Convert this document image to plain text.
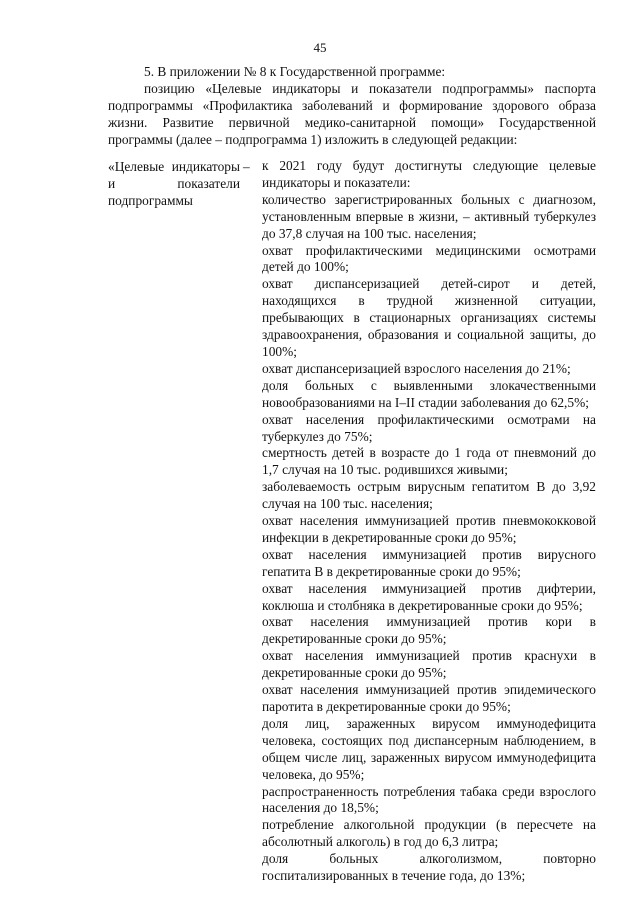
45

5. В приложении № 8 к Государственной программе:

позицию «Целевые индикаторы и показатели подпрограммы» паспорта подпрограммы «Профилактика заболеваний и формирование здорового образа жизни. Развитие первичной медико-санитарной помощи» Государственной программы (далее – подпрограмма 1) изложить в следующей редакции:

«Целевые индикаторы и показатели подпрограммы
– к 2021 году будут достигнуты следующие целевые индикаторы и показатели:

количество зарегистрированных больных с диагнозом, установленным впервые в жизни, – активный туберкулез до 37,8 случая на 100 тыс. населения;

охват профилактическими медицинскими осмотрами детей до 100%;

охват диспансеризацией детей-сирот и детей, находящихся в трудной жизненной ситуации, пребывающих в стационарных организациях системы здравоохранения, образования и социальной защиты, до 100%;

охват диспансеризацией взрослого населения до 21%;

доля больных с выявленными злокачественными новообразованиями на I–II стадии заболевания до 62,5%;

охват населения профилактическими осмотрами на туберкулез до 75%;

смертность детей в возрасте до 1 года от пневмоний до 1,7 случая на 10 тыс. родившихся живыми;

заболеваемость острым вирусным гепатитом В до 3,92 случая на 100 тыс. населения;

охват населения иммунизацией против пневмококковой инфекции в декретированные сроки до 95%;

охват населения иммунизацией против вирусного гепатита В в декретированные сроки до 95%;

охват населения иммунизацией против дифтерии, коклюша и столбняка в декретированные сроки до 95%;

охват населения иммунизацией против кори в декретированные сроки до 95%;

охват населения иммунизацией против краснухи в декретированные сроки до 95%;

охват населения иммунизацией против эпидемического паротита в декретированные сроки до 95%;

доля лиц, зараженных вирусом иммунодефицита человека, состоящих под диспансерным наблюдением, в общем числе лиц, зараженных вирусом иммунодефицита человека, до 95%;

распространенность потребления табака среди взрослого населения до 18,5%;

потребление алкогольной продукции (в пересчете на абсолютный алкоголь) в год до 6,3 литра;

доля больных алкоголизмом, повторно госпитализированных в течение года, до 13%;
